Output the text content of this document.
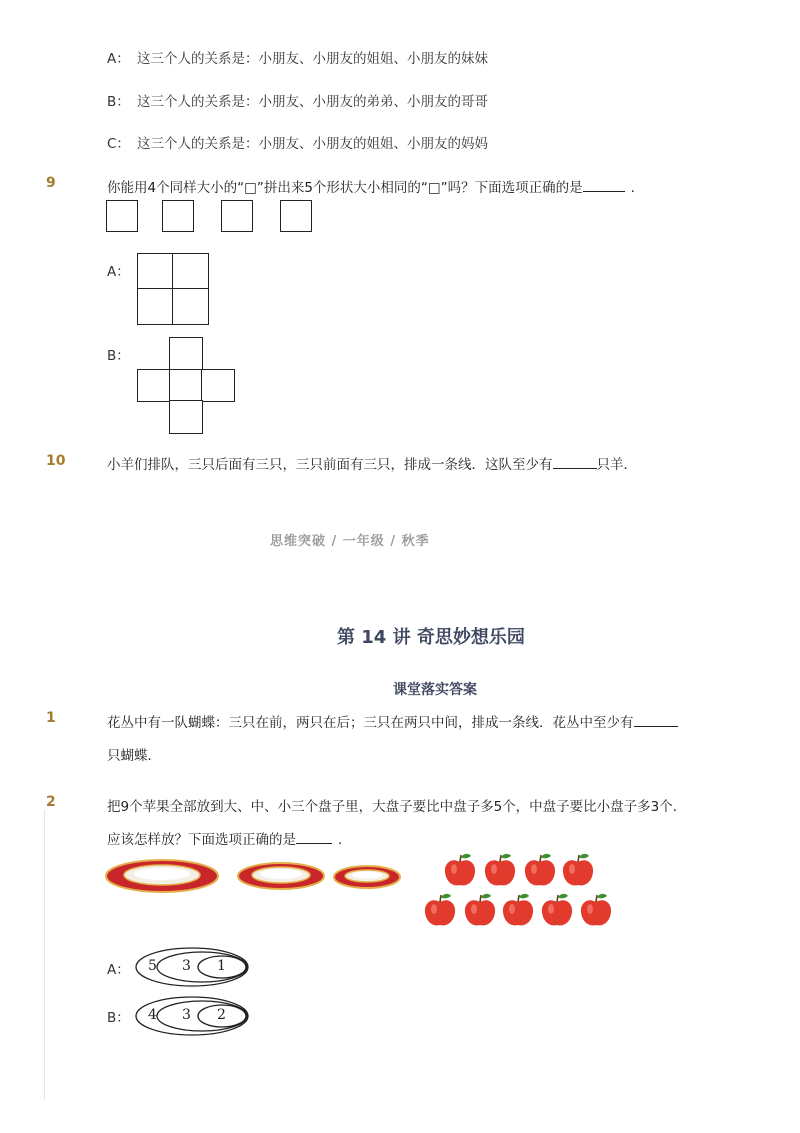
A： 这三个人的关系是：小朋友、小朋友的姐姐、小朋友的妹妹
B： 这三个人的关系是：小朋友、小朋友的弟弟、小朋友的哥哥
C： 这三个人的关系是：小朋友、小朋友的姐姐、小朋友的妈妈
9	你能用4个同样大小的“□”拼出来5个形状大小相同的“□”吗？下面选项正确的是	.
A：
B：
10	小羊们排队，三只后面有三只，三只前面有三只，排成一条线．这队至少有	只羊．
思维突破 / 一年级 / 秋季
第 14 讲 奇思妙想乐园
课堂落实答案
1	花丛中有一队蝴蝶：三只在前，两只在后；三只在两只中间，排成一条线．花丛中至少有
只蝴蝶．
2	把9个苹果全部放到大、中、小三个盘子里，大盘子要比中盘子多5个，中盘子要比小盘子多3个．
应该怎样放？下面选项正确的是	.
A： 5 3 1
B： 4 3 2
